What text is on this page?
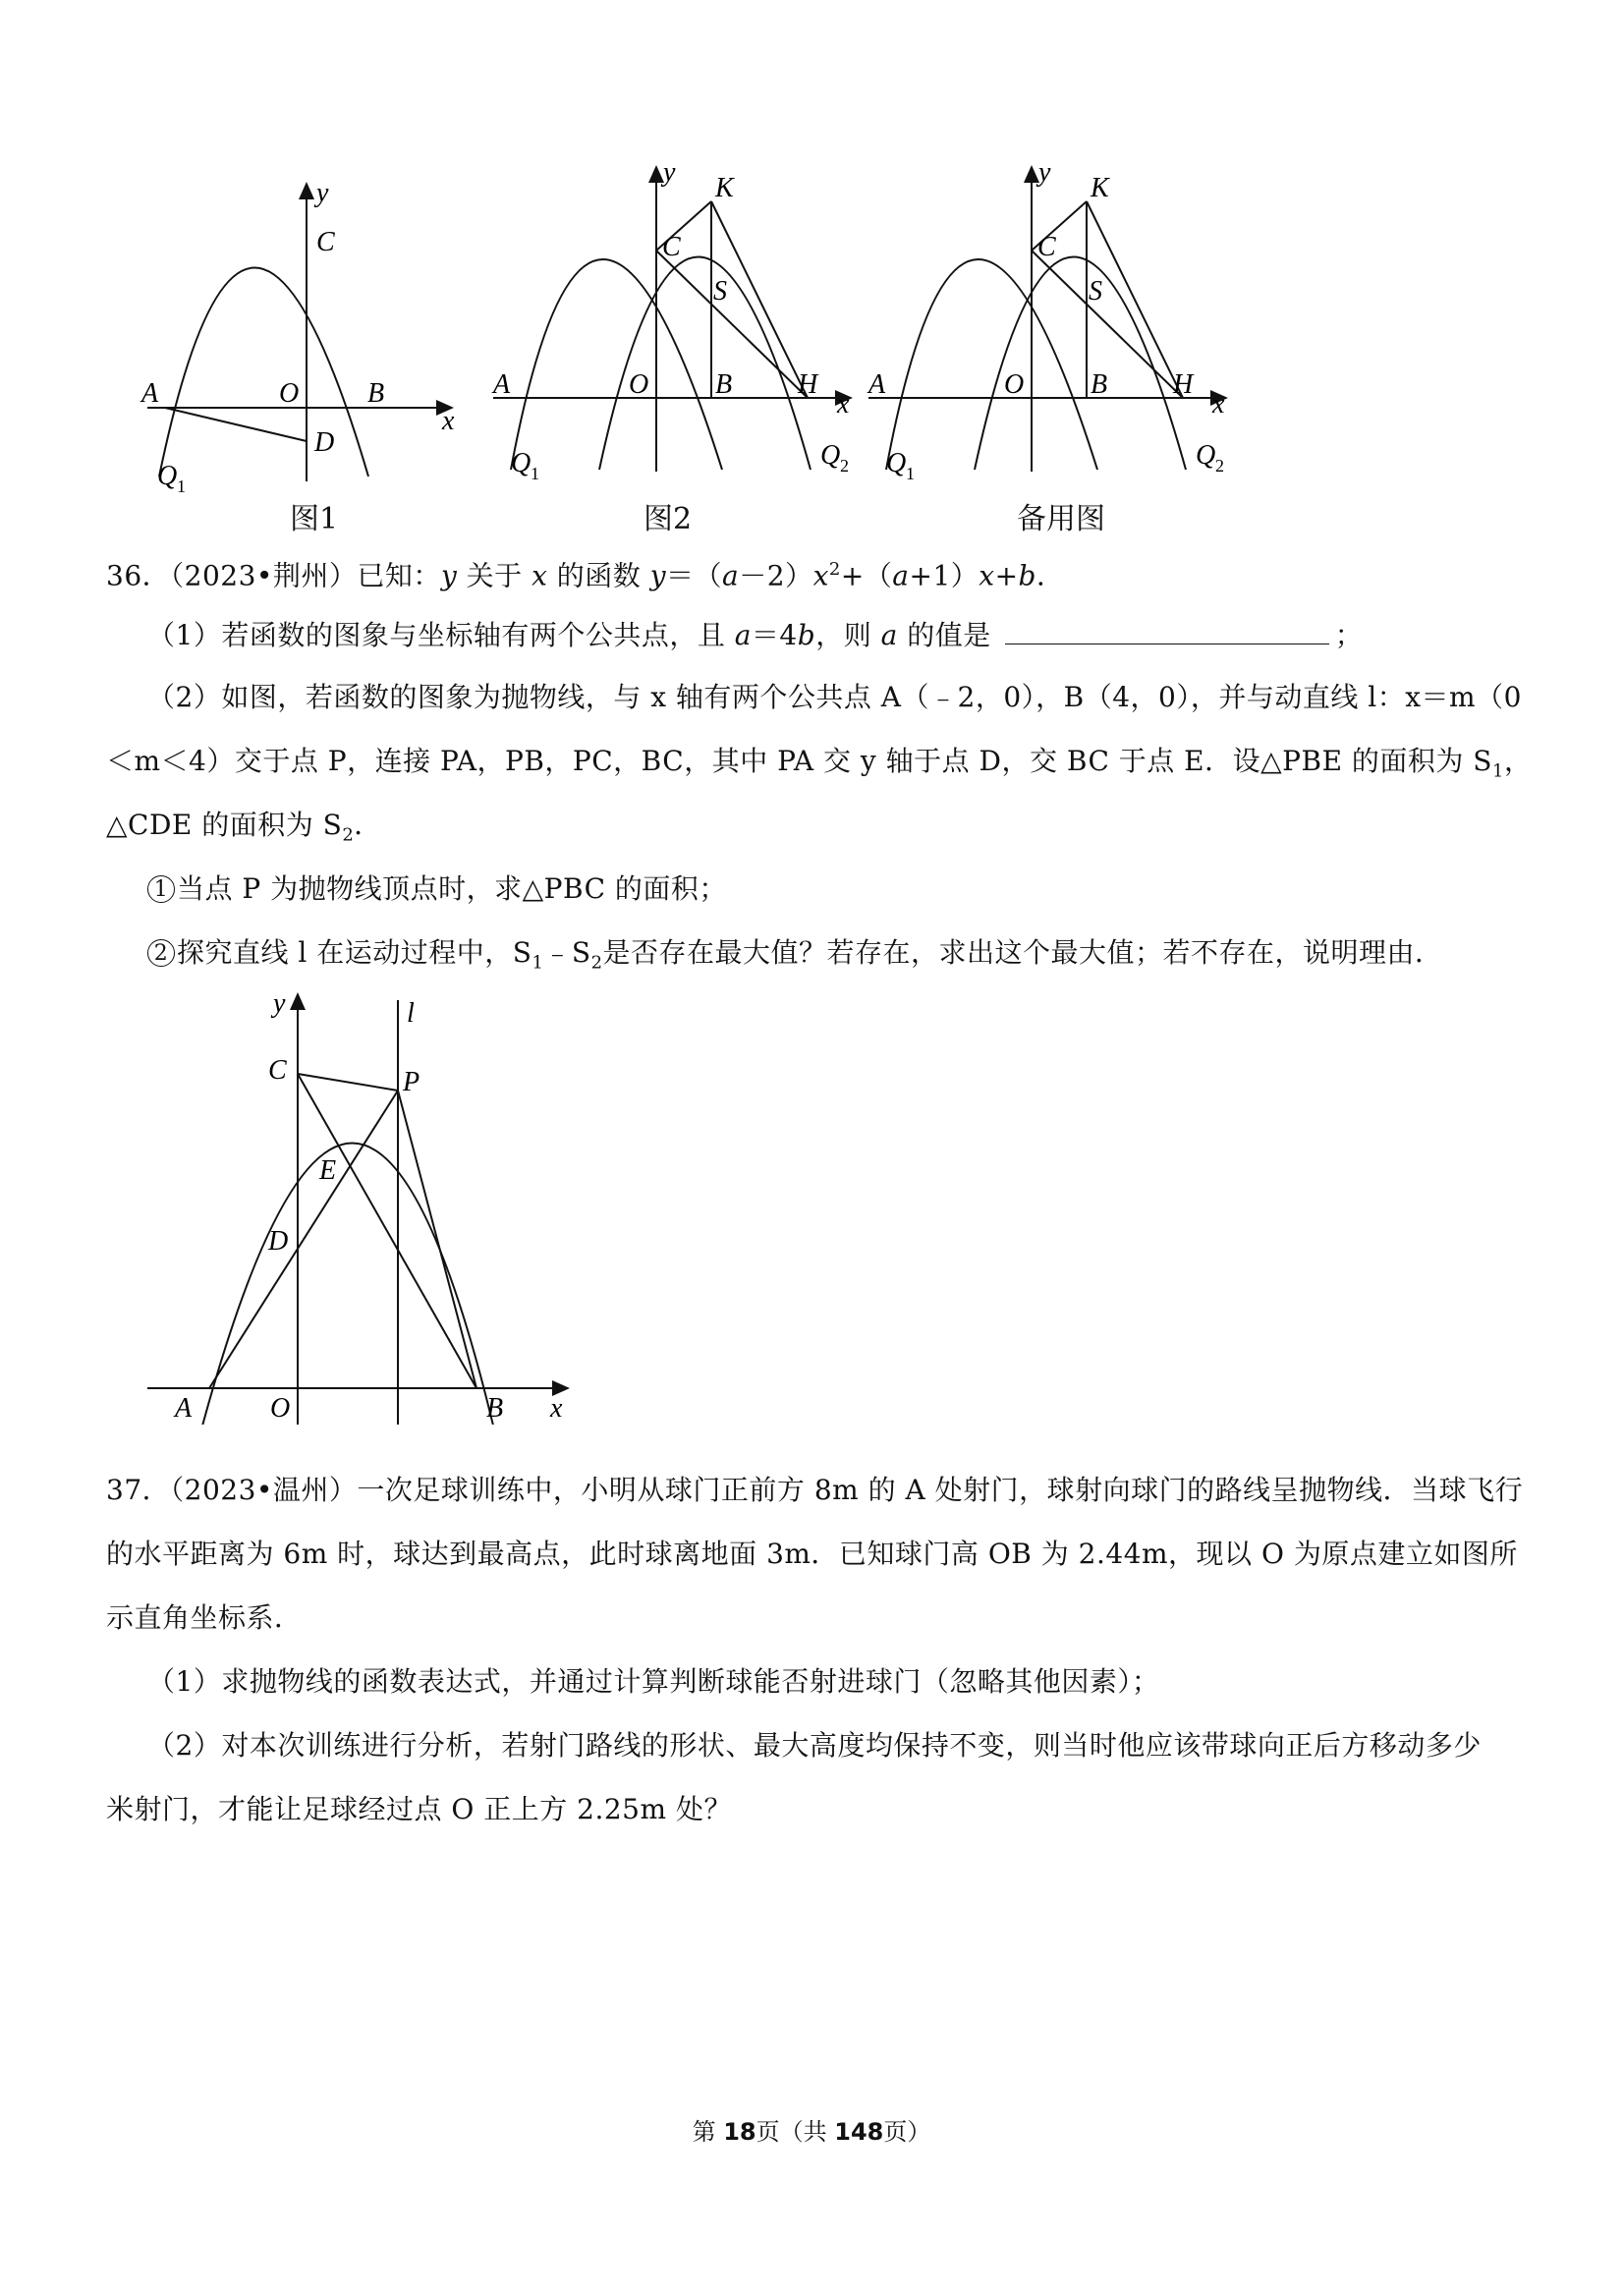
y
C
A	O B
x
D
Q 1
图1
y
K
C
S
A	O B H
x
Q 1
Q 2
图2
y
K
C
S
A	O B H
x
Q 1
Q 2
备用图
36．（2023•荆州）已知：y 关于 x 的函数 $y=(a-2)x^2+(a+1)x+b$．
（1）若函数的图象与坐标轴有两个公共点，且 a＝4b，则 a 的值是	；
（2）如图，若函数的图象为抛物线，与 x 轴有两个公共点 A（﹣2，0），B（4，0），并与动直线 l：x＝m（0
＜m＜4）交于点 P，连接 PA，PB，PC，BC，其中 PA 交 y 轴于点 D，交 BC 于点 E．设△PBE 的面积为 $S_1$，
△CDE 的面积为 $S_2$．
1 当点 P 为抛物线顶点时，求△PBC 的面积；
2 探究直线 l 在运动过程中，$S_1﹣S_2$是否存在最大值？若存在，求出这个最大值；若不存在，说明理由．
y	l
C	P
E
D
A	O	B x
37．（2023•温州）一次足球训练中，小明从球门正前方 8m 的 A 处射门，球射向球门的路线呈抛物线．当球飞行
的水平距离为 6m 时，球达到最高点，此时球离地面 3m．已知球门高 OB 为 2.44m，现以 O 为原点建立如图所
示直角坐标系．
（1）求抛物线的函数表达式，并通过计算判断球能否射进球门（忽略其他因素）；
（2）对本次训练进行分析，若射门路线的形状、最大高度均保持不变，则当时他应该带球向正后方移动多少
米射门，才能让足球经过点 O 正上方 2.25m 处？
第 18页（共 148页）
